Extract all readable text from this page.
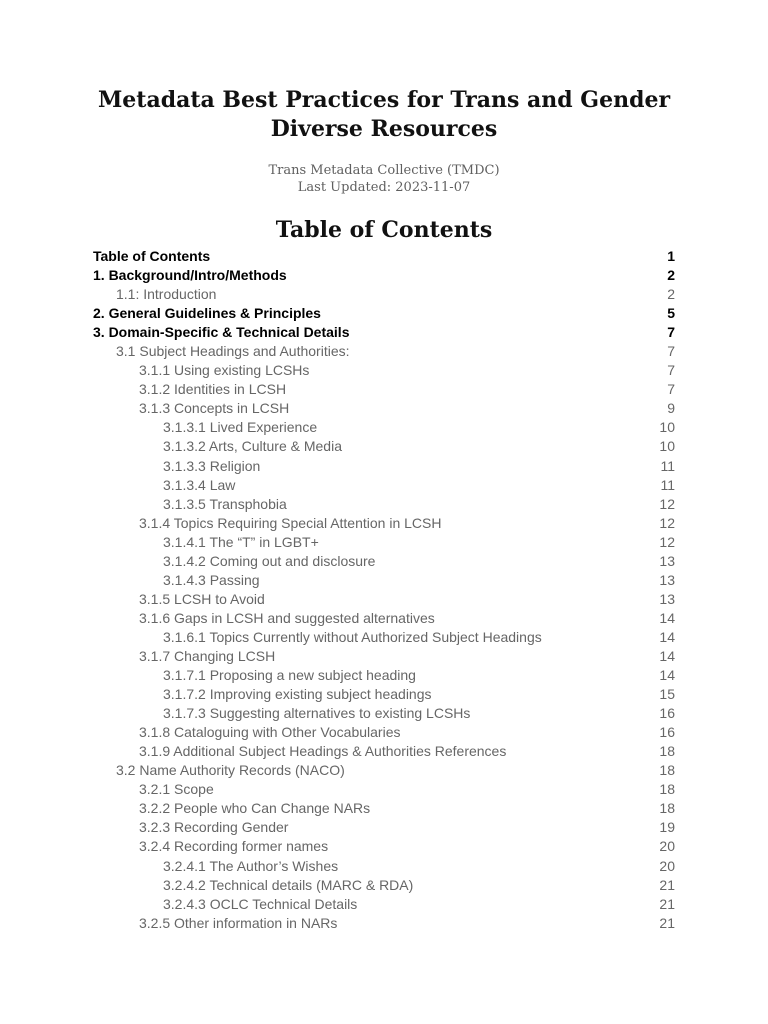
Metadata Best Practices for Trans and Gender Diverse Resources
Trans Metadata Collective (TMDC)
Last Updated: 2023-11-07
Table of Contents
Table of Contents	1
1. Background/Intro/Methods	2
1.1: Introduction	2
2. General Guidelines & Principles	5
3. Domain-Specific & Technical Details	7
3.1 Subject Headings and Authorities:	7
3.1.1 Using existing LCSHs	7
3.1.2 Identities in LCSH	7
3.1.3 Concepts in LCSH	9
3.1.3.1 Lived Experience	10
3.1.3.2 Arts, Culture & Media	10
3.1.3.3 Religion	11
3.1.3.4 Law	11
3.1.3.5 Transphobia	12
3.1.4 Topics Requiring Special Attention in LCSH	12
3.1.4.1 The “T” in LGBT+	12
3.1.4.2 Coming out and disclosure	13
3.1.4.3 Passing	13
3.1.5 LCSH to Avoid	13
3.1.6 Gaps in LCSH and suggested alternatives	14
3.1.6.1 Topics Currently without Authorized Subject Headings	14
3.1.7 Changing LCSH	14
3.1.7.1 Proposing a new subject heading	14
3.1.7.2 Improving existing subject headings	15
3.1.7.3 Suggesting alternatives to existing LCSHs	16
3.1.8 Cataloguing with Other Vocabularies	16
3.1.9 Additional Subject Headings & Authorities References	18
3.2 Name Authority Records (NACO)	18
3.2.1 Scope	18
3.2.2 People who Can Change NARs	18
3.2.3 Recording Gender	19
3.2.4 Recording former names	20
3.2.4.1 The Author’s Wishes	20
3.2.4.2 Technical details (MARC & RDA)	21
3.2.4.3 OCLC Technical Details	21
3.2.5 Other information in NARs	21
